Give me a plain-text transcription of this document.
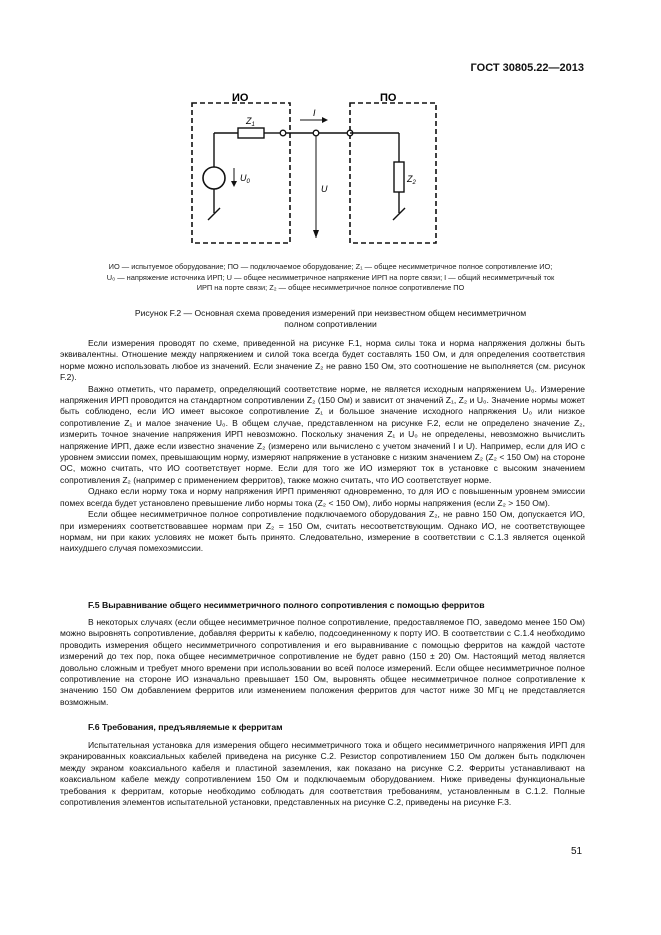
ГОСТ 30805.22—2013
ИО	ПО
$Z_1$
$U_0$
I
U
$Z_2$
ИО — испытуемое оборудование; ПО — подключаемое оборудование; Z₁ — общее несимметричное полное сопротивление ИО;
U₀ — напряжение источника ИРП; U — общее несимметричное напряжение ИРП на порте связи; I — общий несимметричный ток
ИРП на порте связи; Z₂ — общее несимметричное полное сопротивление ПО
Рисунок F.2 — Основная схема проведения измерений при неизвестном общем несимметричном
полном сопротивлении

Если измерения проводят по схеме, приведенной на рисунке F.1, норма силы тока и норма напряжения должны быть эквивалентны. Отношение между напряжением и силой тока всегда будет составлять 150 Ом, и для определения соответствия норме можно использовать любое из значений. Если значение Z₂ не равно 150 Ом, это соотношение не выполняется (см. рисунок F.2).

Важно отметить, что параметр, определяющий соответствие норме, не является исходным напряжением U₀. Измерение напряжения ИРП проводится на стандартном сопротивлении Z₂ (150 Ом) и зависит от значений Z₁, Z₂ и U₀. Значение нормы может быть соблюдено, если ИО имеет высокое сопротивление Z₁ и большое значение исходного напряжения U₀ или низкое сопротивление Z₁ и малое значение U₀. В общем случае, представленном на рисунке F.2, если не определено значение Z₂, измерить точное значение напряжения ИРП невозможно. Поскольку значения Z₁ и U₀ не определены, невозможно вычислить напряжение ИРП, даже если известно значение Z₂ (измерено или вычислено с учетом значений I и U). Например, если для ИО с уровнем эмиссии помех, превышающим норму, измеряют напряжение в установке с низким значением Z₂ (Z₂ < 150 Ом) на стороне ОС, можно считать, что ИО соответствует норме. Если для того же ИО измеряют ток в установке с высоким значением сопротивления Z₂ (например с применением ферритов), также можно считать, что ИО соответствует норме.

Однако если норму тока и норму напряжения ИРП применяют одновременно, то для ИО с повышенным уровнем эмиссии помех всегда будет установлено превышение либо нормы тока (Z₂ < 150 Ом), либо нормы напряжения (если Z₂ > 150 Ом).

Если общее несимметричное полное сопротивление подключаемого оборудования Z₂, не равно 150 Ом, допускается ИО, при измерениях соответствовавшее нормам при Z₂ = 150 Ом, считать несоответствующим. Однако ИО, не соответствующее нормам, ни при каких условиях не может быть принято. Следовательно, измерение в соответствии с С.1.3 является оценкой наихудшего случая помехоэмиссии.

F.5 Выравнивание общего несимметричного полного сопротивления с помощью ферритов

В некоторых случаях (если общее несимметричное полное сопротивление, предоставляемое ПО, заведомо менее 150 Ом) можно выровнять сопротивление, добавляя ферриты к кабелю, подсоединенному к порту ИО. В соответствии с С.1.4 необходимо проводить измерения общего несимметричного сопротивления и его выравнивание с помощью ферритов на каждой частоте измерений до тех пор, пока общее несимметричное сопротивление не будет равно (150 ± 20) Ом. Настоящий метод является довольно сложным и требует много времени при использовании во всей полосе измерений. Если общее несимметричное полное сопротивление на стороне ИО изначально превышает 150 Ом, выровнять общее несимметричное полное сопротивление к значению 150 Ом добавлением ферритов или изменением положения ферритов для частот ниже 30 МГц не представляется возможным.

F.6 Требования, предъявляемые к ферритам

Испытательная установка для измерения общего несимметричного тока и общего несимметричного напряжения ИРП для экранированных коаксиальных кабелей приведена на рисунке С.2. Резистор сопротивлением 150 Ом должен быть подключен между экраном коаксиального кабеля и пластиной заземления, как показано на рисунке С.2. Ферриты устанавливают на коаксиальном кабеле между сопротивлением 150 Ом и подключаемым оборудованием. Ниже приведены функциональные требования к ферритам, которые необходимо соблюдать для соответствия требованиям, установленным в С.1.2. Полные сопротивления элементов испытательной установки, представленных на рисунке С.2, приведены на рисунке F.3.

51
